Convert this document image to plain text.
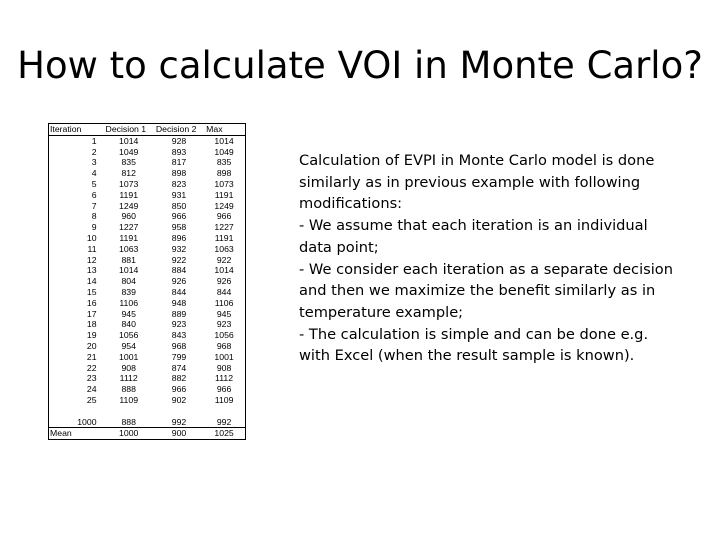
How to calculate VOI in Monte Carlo?
Iteration	Decision 1	Decision 2	Max
1	1014	928	1014
2	1049	893	1049
3	835	817	835
4	812	898	898
5	1073	823	1073
6	1191	931	1191
7	1249	850	1249
8	960	966	966
9	1227	958	1227
10	1191	896	1191
11	1063	932	1063
12	881	922	922
13	1014	884	1014
14	804	926	926
15	839	844	844
16	1106	948	1106
17	945	889	945
18	840	923	923
19	1056	843	1056
20	954	968	968
21	1001	799	1001
22	908	874	908
23	1112	882	1112
24	888	966	966
25	1109	902	1109

1000	888	992	992
Mean	1000	900	1025

Calculation of EVPI in Monte Carlo model is done

similarly as in previous example with following

modifications:

- We assume that each iteration is an individual

data point;

- We consider each iteration as a separate decision

and then we maximize the benefit similarly as in

temperature example;

- The calculation is simple and can be done e.g.

with Excel (when the result sample is known).
